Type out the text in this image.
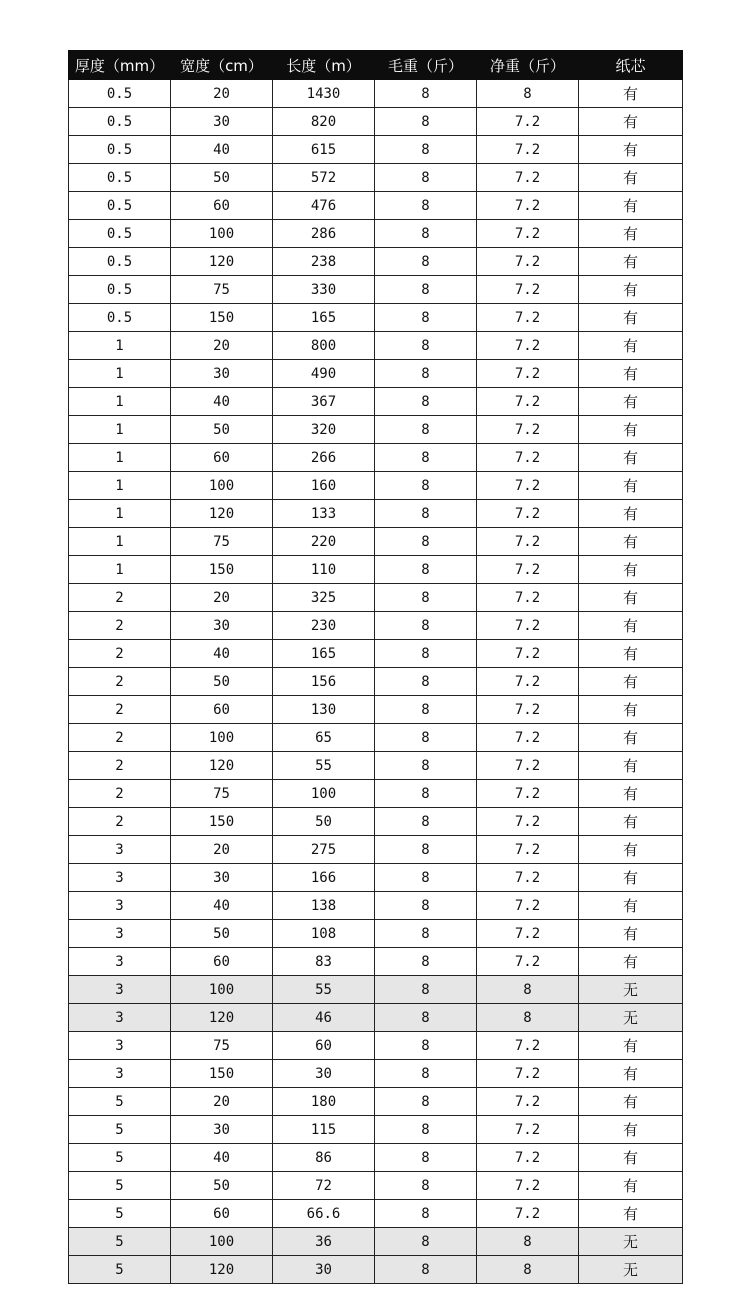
厚度（mm）	宽度（cm）	长度（m）	毛重（斤）	净重（斤）	纸芯
0.5	20	1430	8	8	有
0.5	30	820	8	7.2	有
0.5	40	615	8	7.2	有
0.5	50	572	8	7.2	有
0.5	60	476	8	7.2	有
0.5	100	286	8	7.2	有
0.5	120	238	8	7.2	有
0.5	75	330	8	7.2	有
0.5	150	165	8	7.2	有
1	20	800	8	7.2	有
1	30	490	8	7.2	有
1	40	367	8	7.2	有
1	50	320	8	7.2	有
1	60	266	8	7.2	有
1	100	160	8	7.2	有
1	120	133	8	7.2	有
1	75	220	8	7.2	有
1	150	110	8	7.2	有
2	20	325	8	7.2	有
2	30	230	8	7.2	有
2	40	165	8	7.2	有
2	50	156	8	7.2	有
2	60	130	8	7.2	有
2	100	65	8	7.2	有
2	120	55	8	7.2	有
2	75	100	8	7.2	有
2	150	50	8	7.2	有
3	20	275	8	7.2	有
3	30	166	8	7.2	有
3	40	138	8	7.2	有
3	50	108	8	7.2	有
3	60	83	8	7.2	有
3	100	55	8	8	无
3	120	46	8	8	无
3	75	60	8	7.2	有
3	150	30	8	7.2	有
5	20	180	8	7.2	有
5	30	115	8	7.2	有
5	40	86	8	7.2	有
5	50	72	8	7.2	有
5	60	66.6	8	7.2	有
5	100	36	8	8	无
5	120	30	8	8	无
